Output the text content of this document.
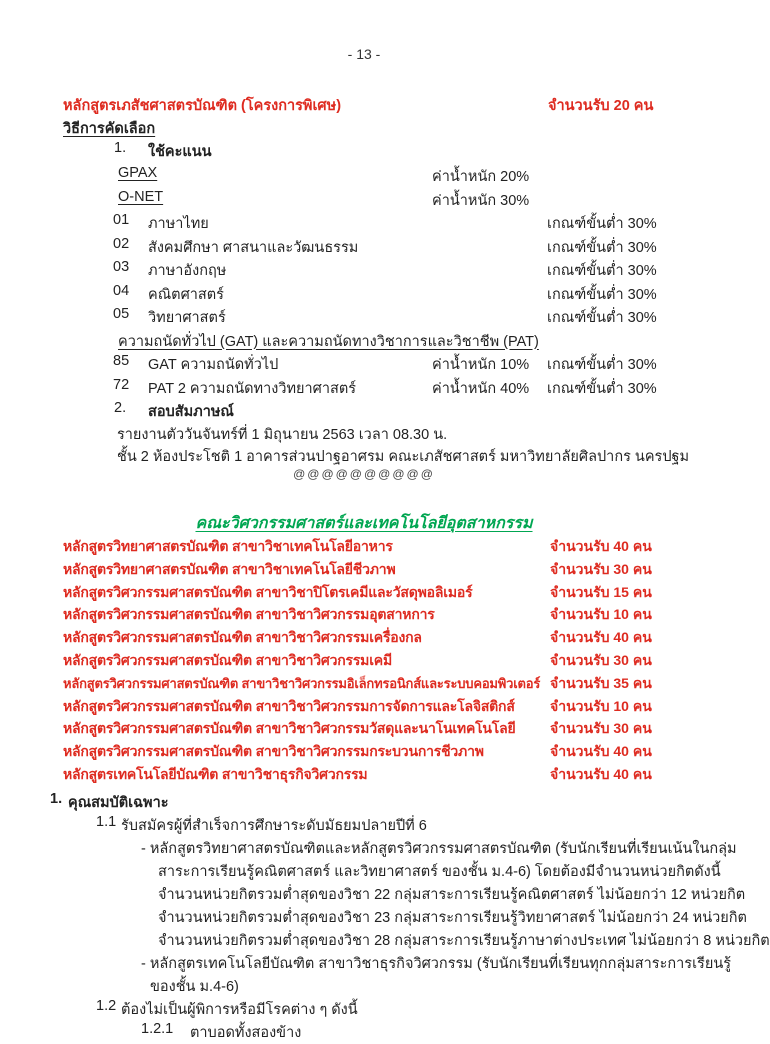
- 13 -
หลักสูตรเภสัชศาสตรบัณฑิต (โครงการพิเศษ)	จำนวนรับ 20 คน
วิธีการคัดเลือก
1. ใช้คะแนน
GPAX	ค่าน้ำหนัก 20%
O-NET	ค่าน้ำหนัก 30%
01 ภาษาไทย	เกณฑ์ขั้นต่ำ 30%
02 สังคมศึกษา ศาสนาและวัฒนธรรม	เกณฑ์ขั้นต่ำ 30%
03 ภาษาอังกฤษ	เกณฑ์ขั้นต่ำ 30%
04 คณิตศาสตร์	เกณฑ์ขั้นต่ำ 30%
05 วิทยาศาสตร์	เกณฑ์ขั้นต่ำ 30%
ความถนัดทั่วไป (GAT) และความถนัดทางวิชาการและวิชาชีพ (PAT)
85 GAT ความถนัดทั่วไป	ค่าน้ำหนัก 10% เกณฑ์ขั้นต่ำ 30%
72 PAT 2 ความถนัดทางวิทยาศาสตร์	ค่าน้ำหนัก 40% เกณฑ์ขั้นต่ำ 30%
2. สอบสัมภาษณ์
รายงานตัววันจันทร์ที่ 1 มิถุนายน 2563 เวลา 08.30 น.
ชั้น 2 ห้องประโชติ 1 อาคารส่วนปาฐอาศรม คณะเภสัชศาสตร์ มหาวิทยาลัยศิลปากร นครปฐม
@@@@@@@@@@
คณะวิศวกรรมศาสตร์และเทคโนโลยีอุตสาหกรรม
หลักสูตรวิทยาศาสตรบัณฑิต สาขาวิชาเทคโนโลยีอาหาร	จำนวนรับ 40 คน
หลักสูตรวิทยาศาสตรบัณฑิต สาขาวิชาเทคโนโลยีชีวภาพ	จำนวนรับ 30 คน
หลักสูตรวิศวกรรมศาสตรบัณฑิต สาขาวิชาปิโตรเคมีและวัสดุพอลิเมอร์	จำนวนรับ 15 คน
หลักสูตรวิศวกรรมศาสตรบัณฑิต สาขาวิชาวิศวกรรมอุตสาหการ	จำนวนรับ 10 คน
หลักสูตรวิศวกรรมศาสตรบัณฑิต สาขาวิชาวิศวกรรมเครื่องกล	จำนวนรับ 40 คน
หลักสูตรวิศวกรรมศาสตรบัณฑิต สาขาวิชาวิศวกรรมเคมี	จำนวนรับ 30 คน
หลักสูตรวิศวกรรมศาสตรบัณฑิต สาขาวิชาวิศวกรรมอิเล็กทรอนิกส์และระบบคอมพิวเตอร์ จำนวนรับ 35 คน
หลักสูตรวิศวกรรมศาสตรบัณฑิต สาขาวิชาวิศวกรรมการจัดการและโลจิสติกส์	จำนวนรับ 10 คน
หลักสูตรวิศวกรรมศาสตรบัณฑิต สาขาวิชาวิศวกรรมวัสดุและนาโนเทคโนโลยี จำนวนรับ 30 คน
หลักสูตรวิศวกรรมศาสตรบัณฑิต สาขาวิชาวิศวกรรมกระบวนการชีวภาพ	จำนวนรับ 40 คน
หลักสูตรเทคโนโลยีบัณฑิต สาขาวิชาธุรกิจวิศวกรรม	จำนวนรับ 40 คน
1. คุณสมบัติเฉพาะ
1.1 รับสมัครผู้ที่สำเร็จการศึกษาระดับมัธยมปลายปีที่ 6
- หลักสูตรวิทยาศาสตรบัณฑิตและหลักสูตรวิศวกรรมศาสตรบัณฑิต (รับนักเรียนที่เรียนเน้นในกลุ่ม
สาระการเรียนรู้คณิตศาสตร์ และวิทยาศาสตร์ ของชั้น ม.4-6) โดยต้องมีจำนวนหน่วยกิตดังนี้
จำนวนหน่วยกิตรวมต่ำสุดของวิชา 22 กลุ่มสาระการเรียนรู้คณิตศาสตร์ ไม่น้อยกว่า 12 หน่วยกิต
จำนวนหน่วยกิตรวมต่ำสุดของวิชา 23 กลุ่มสาระการเรียนรู้วิทยาศาสตร์ ไม่น้อยกว่า 24 หน่วยกิต
จำนวนหน่วยกิตรวมต่ำสุดของวิชา 28 กลุ่มสาระการเรียนรู้ภาษาต่างประเทศ ไม่น้อยกว่า 8 หน่วยกิต
- หลักสูตรเทคโนโลยีบัณฑิต สาขาวิชาธุรกิจวิศวกรรม (รับนักเรียนที่เรียนทุกกลุ่มสาระการเรียนรู้
ของชั้น ม.4-6)
1.2 ต้องไม่เป็นผู้พิการหรือมีโรคต่าง ๆ ดังนี้
1.2.1 ตาบอดทั้งสองข้าง
